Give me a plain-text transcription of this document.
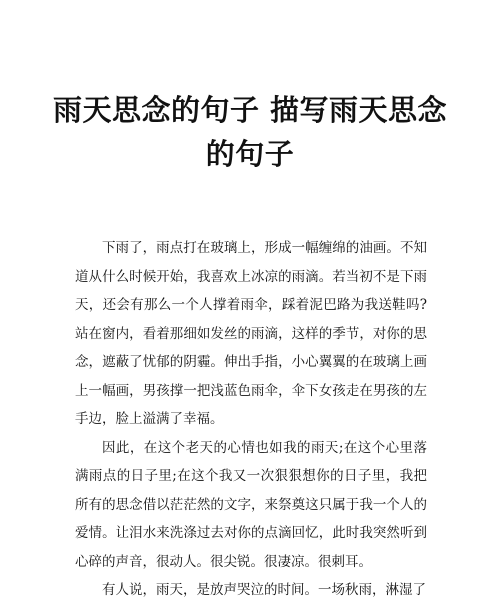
雨天思念的句子 描写雨天思念的句子

下雨了，雨点打在玻璃上，形成一幅缠绵的油画。不知道从什么时候开始，我喜欢上冰凉的雨滴。若当初不是下雨天，还会有那么一个人撑着雨伞，踩着泥巴路为我送鞋吗?站在窗内，看着那细如发丝的雨滴，这样的季节，对你的思念，遮蔽了忧郁的阴霾。伸出手指，小心翼翼的在玻璃上画上一幅画，男孩撑一把浅蓝色雨伞，伞下女孩走在男孩的左手边，脸上溢满了幸福。

因此，在这个老天的心情也如我的雨天;在这个心里落满雨点的日子里;在这个我又一次狠狠想你的日子里，我把所有的思念借以茫茫然的文字，来祭奠这只属于我一个人的爱情。让泪水来洗涤过去对你的点滴回忆，此时我突然听到心碎的声音，很动人。很尖锐。很凄凉。很刺耳。

有人说，雨天，是放声哭泣的时间。一场秋雨，淋湿了
